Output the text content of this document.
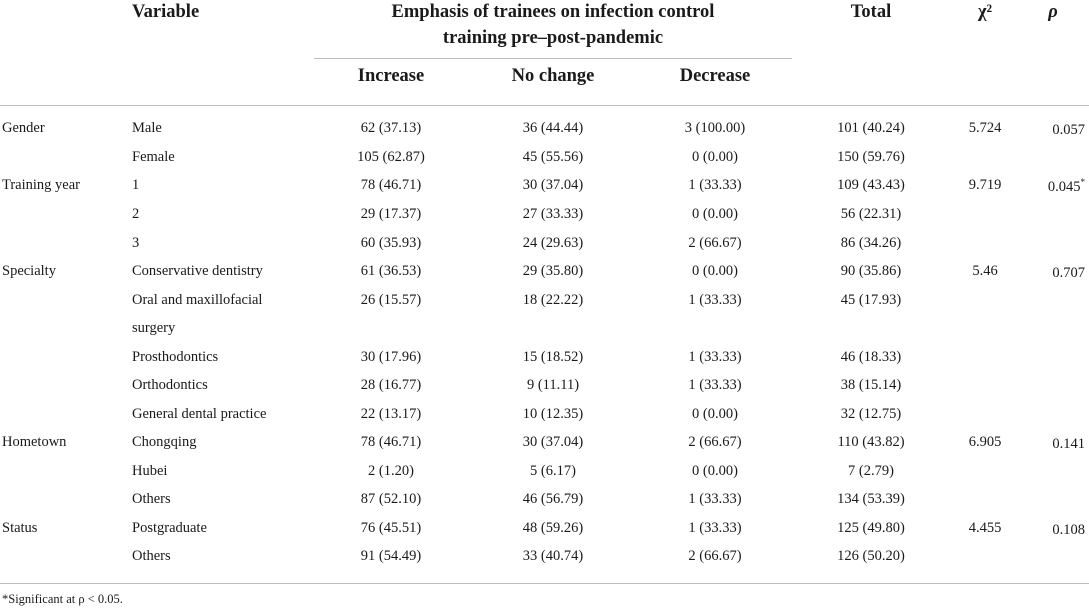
Variable	Emphasis of trainees on infection control
training pre–post-pandemic
Increase	No change	Decrease
Total	χ²	ρ
Gender	Male	62 (37.13)	36 (44.44)	3 (100.00)	101 (40.24)	5.724	0.057
Female	105 (62.87)	45 (55.56)	0 (0.00)	150 (59.76)
Training year	1	78 (46.71)	30 (37.04)	1 (33.33)	109 (43.43)	9.719	0.045*
2	29 (17.37)	27 (33.33)	0 (0.00)	56 (22.31)
3	60 (35.93)	24 (29.63)	2 (66.67)	86 (34.26)
Specialty	Conservative dentistry	61 (36.53)	29 (35.80)	0 (0.00)	90 (35.86)	5.46	0.707
Oral and maxillofacial	26 (15.57)	18 (22.22)	1 (33.33)	45 (17.93)
surgery
Prosthodontics	30 (17.96)	15 (18.52)	1 (33.33)	46 (18.33)
Orthodontics	28 (16.77)	9 (11.11)	1 (33.33)	38 (15.14)
General dental practice	22 (13.17)	10 (12.35)	0 (0.00)	32 (12.75)
Hometown	Chongqing	78 (46.71)	30 (37.04)	2 (66.67)	110 (43.82)	6.905	0.141
Hubei	2 (1.20)	5 (6.17)	0 (0.00)	7 (2.79)
Others	87 (52.10)	46 (56.79)	1 (33.33)	134 (53.39)
Status	Postgraduate	76 (45.51)	48 (59.26)	1 (33.33)	125 (49.80)	4.455	0.108
Others	91 (54.49)	33 (40.74)	2 (66.67)	126 (50.20)
*Significant at ρ < 0.05.
